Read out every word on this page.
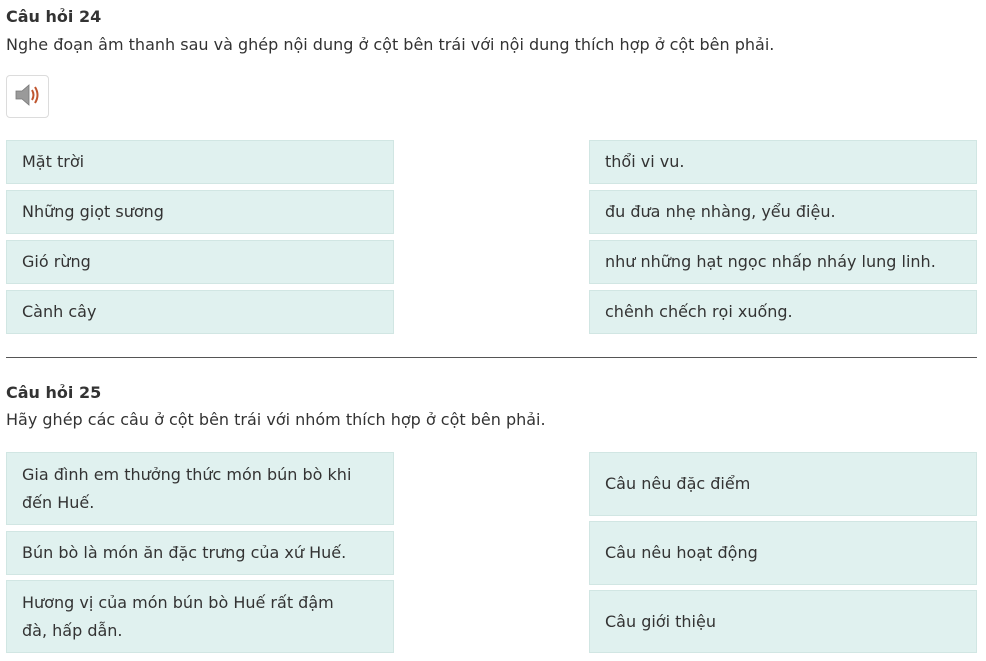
Câu hỏi 24
Nghe đoạn âm thanh sau và ghép nội dung ở cột bên trái với nội dung thích hợp ở cột bên phải.
Mặt trời
Những giọt sương
Gió rừng
Cành cây
thổi vi vu.
đu đưa nhẹ nhàng, yểu điệu.
như những hạt ngọc nhấp nháy lung linh.
chênh chếch rọi xuống.
Câu hỏi 25
Hãy ghép các câu ở cột bên trái với nhóm thích hợp ở cột bên phải.
Gia đình em thưởng thức món bún bò khi đến Huế.
Bún bò là món ăn đặc trưng của xứ Huế.
Hương vị của món bún bò Huế rất đậm đà, hấp dẫn.
Câu nêu đặc điểm
Câu nêu hoạt động
Câu giới thiệu
